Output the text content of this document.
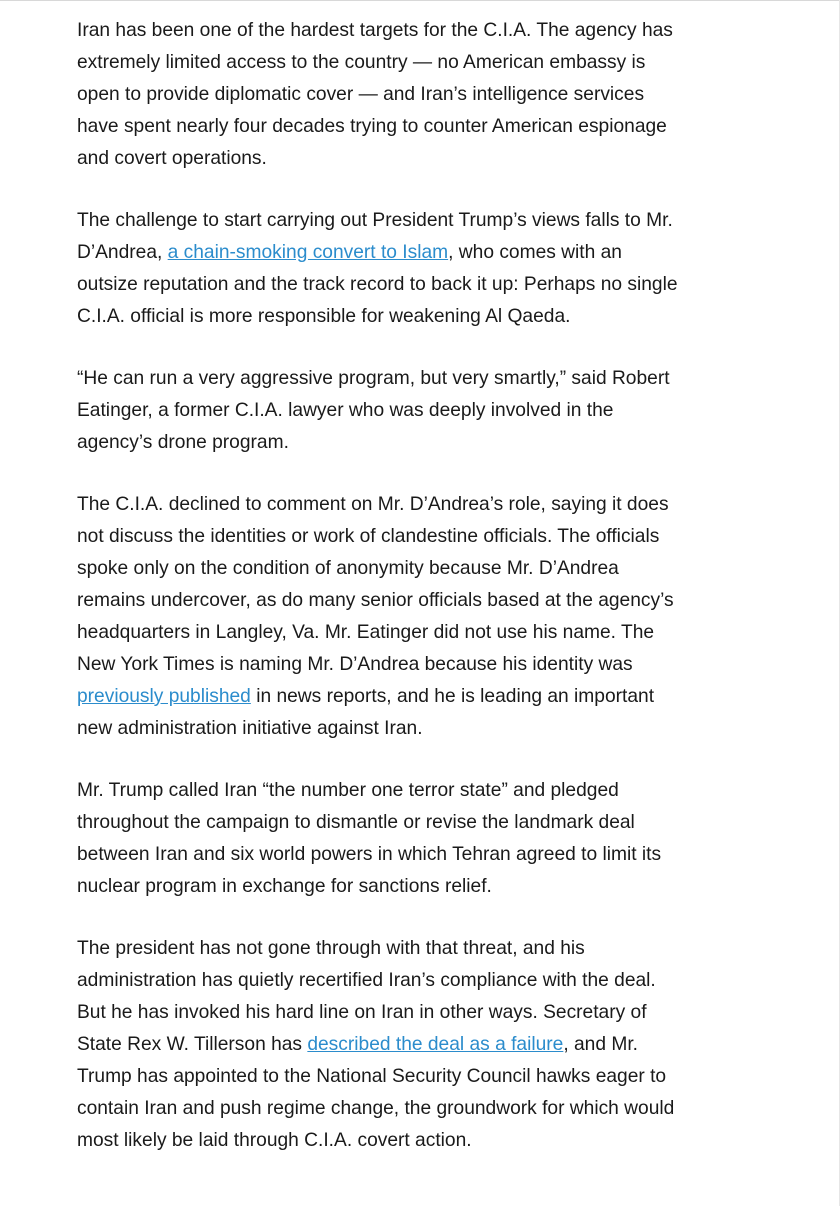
Iran has been one of the hardest targets for the C.I.A. The agency has extremely limited access to the country — no American embassy is open to provide diplomatic cover — and Iran’s intelligence services have spent nearly four decades trying to counter American espionage and covert operations.

The challenge to start carrying out President Trump’s views falls to Mr. D’Andrea, a chain-smoking convert to Islam, who comes with an outsize reputation and the track record to back it up: Perhaps no single C.I.A. official is more responsible for weakening Al Qaeda.

“He can run a very aggressive program, but very smartly,” said Robert Eatinger, a former C.I.A. lawyer who was deeply involved in the agency’s drone program.

The C.I.A. declined to comment on Mr. D’Andrea’s role, saying it does not discuss the identities or work of clandestine officials. The officials spoke only on the condition of anonymity because Mr. D’Andrea remains undercover, as do many senior officials based at the agency’s headquarters in Langley, Va. Mr. Eatinger did not use his name. The New York Times is naming Mr. D’Andrea because his identity was previously published in news reports, and he is leading an important new administration initiative against Iran.

Mr. Trump called Iran “the number one terror state” and pledged throughout the campaign to dismantle or revise the landmark deal between Iran and six world powers in which Tehran agreed to limit its nuclear program in exchange for sanctions relief.

The president has not gone through with that threat, and his administration has quietly recertified Iran’s compliance with the deal. But he has invoked his hard line on Iran in other ways. Secretary of State Rex W. Tillerson has described the deal as a failure, and Mr. Trump has appointed to the National Security Council hawks eager to contain Iran and push regime change, the groundwork for which would most likely be laid through C.I.A. covert action.
